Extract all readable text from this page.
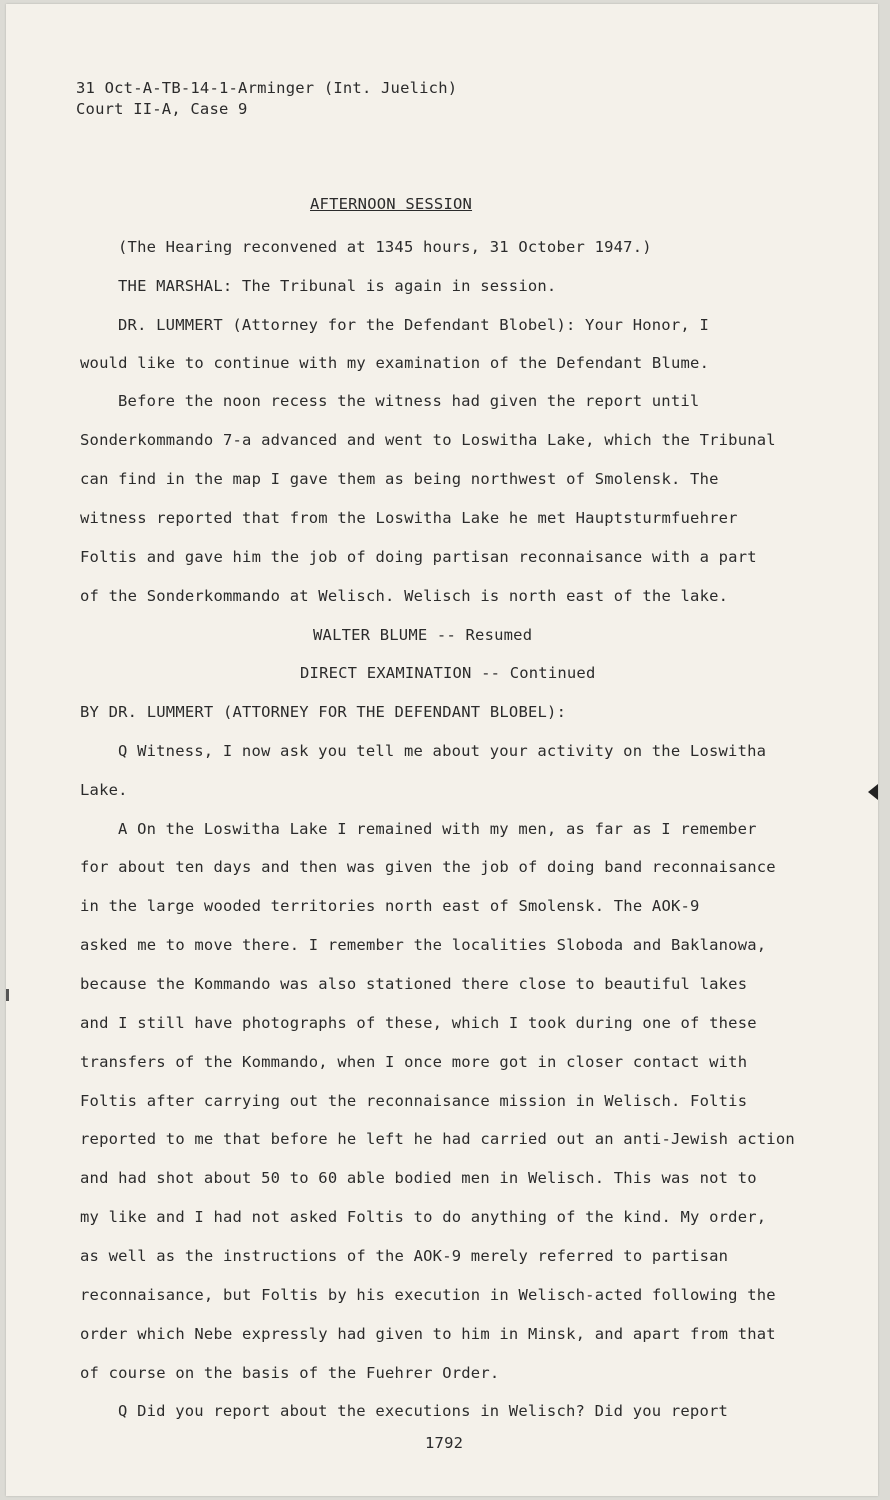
31 Oct-A-TB-14-1-Arminger (Int. Juelich)
Court II-A, Case 9
AFTERNOON SESSION
(The Hearing reconvened at 1345 hours, 31 October 1947.)
THE MARSHAL: The Tribunal is again in session.
DR. LUMMERT (Attorney for the Defendant Blobel): Your Honor, I
would like to continue with my examination of the Defendant Blume.
Before the noon recess the witness had given the report until
Sonderkommando 7-a advanced and went to Loswitha Lake, which the Tribunal
can find in the map I gave them as being northwest of Smolensk. The
witness reported that from the Loswitha Lake he met Hauptsturmfuehrer
Foltis and gave him the job of doing partisan reconnaisance with a part
of the Sonderkommando at Welisch. Welisch is north east of the lake.
WALTER BLUME -- Resumed
DIRECT EXAMINATION -- Continued
BY DR. LUMMERT (ATTORNEY FOR THE DEFENDANT BLOBEL):
Q Witness, I now ask you tell me about your activity on the Loswitha
Lake.
A On the Loswitha Lake I remained with my men, as far as I remember
for about ten days and then was given the job of doing band reconnaisance
in the large wooded territories north east of Smolensk. The AOK-9
asked me to move there. I remember the localities Sloboda and Baklanowa,
because the Kommando was also stationed there close to beautiful lakes
and I still have photographs of these, which I took during one of these
transfers of the Kommando, when I once more got in closer contact with
Foltis after carrying out the reconnaisance mission in Welisch. Foltis
reported to me that before he left he had carried out an anti-Jewish action
and had shot about 50 to 60 able bodied men in Welisch. This was not to
my like and I had not asked Foltis to do anything of the kind. My order,
as well as the instructions of the AOK-9 merely referred to partisan
reconnaisance, but Foltis by his execution in Welisch-acted following the
order which Nebe expressly had given to him in Minsk, and apart from that
of course on the basis of the Fuehrer Order.
Q Did you report about the executions in Welisch? Did you report
1792
